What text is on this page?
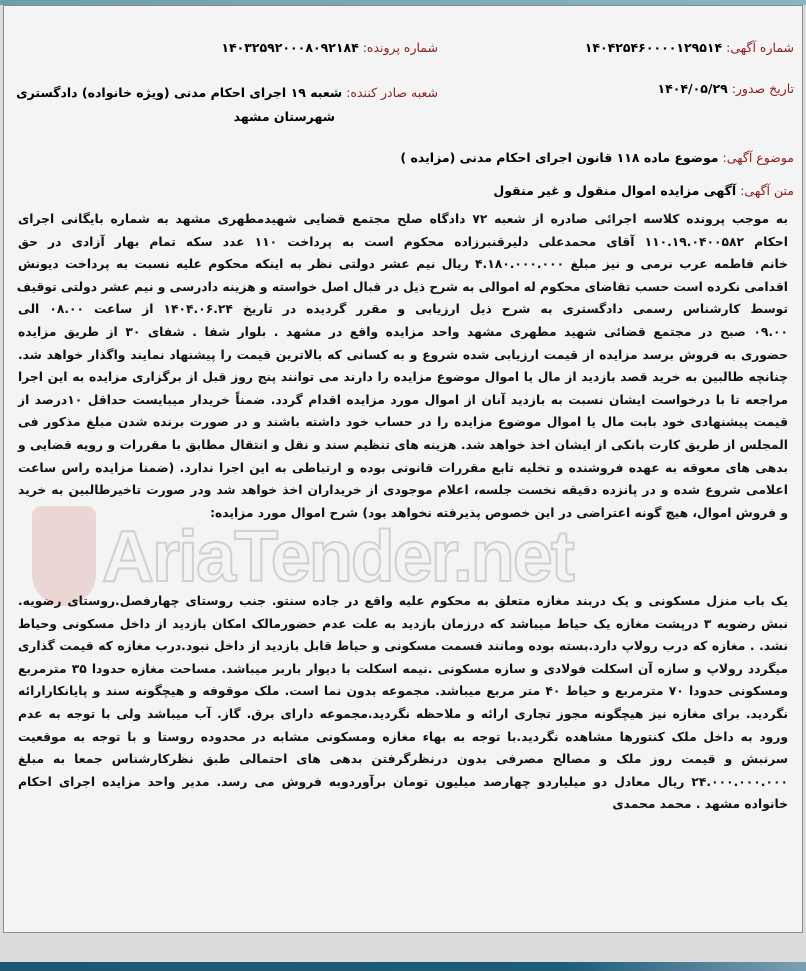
AriaTender.net
شماره آگهی: ۱۴۰۴۲۵۴۶۰۰۰۰۱۲۹۵۱۴
شماره پرونده: ۱۴۰۳۲۵۹۲۰۰۰۸۰۹۲۱۸۴
تاریخ صدور: ۱۴۰۴/۰۵/۲۹
شعبه صادر کننده: شعبه ۱۹ اجرای احکام مدنی (ویژه خانواده) دادگستری
شهرستان مشهد
موضوع آگهی: موضوع ماده ۱۱۸ قانون اجرای احکام مدنی (مزایده )
متن آگهی: آگهی مزایده اموال منقول و غیر منقول
به موجب پرونده کلاسه اجرائی صادره از شعبه ۷۲ دادگاه صلح مجتمع قضایی شهیدمطهری مشهد به شماره بایگانی اجرای
احکام ۱۱۰.۱۹.۰۴۰۰۵۸۲ آقای محمدعلی دلیرقنبرزاده محکوم است به پرداخت ۱۱۰ عدد سکه تمام بهار آزادی در حق
خانم فاطمه عرب نرمی و نیز مبلغ ۴.۱۸۰.۰۰۰.۰۰۰ ریال نیم عشر دولتی نظر به اینکه محکوم علیه نسبت به پرداخت دیونش
اقدامی نکرده است حسب تقاضای محکوم له اموالی به شرح ذیل در قبال اصل خواسته و هزینه دادرسی و نیم عشر دولتی توقیف
توسط کارشناس رسمی دادگستری به شرح ذیل ارزیابی و مقرر گردیده در تاریخ ۱۴۰۴.۰۶.۲۴ از ساعت ۰۸.۰۰ الی
۰۹.۰۰ صبح در مجتمع قضائی شهید مطهری مشهد واحد مزایده واقع در مشهد . بلوار شفا . شفای ۳۰ از طریق مزایده
حضوری به فروش برسد مزایده از قیمت ارزیابی شده شروع و به کسانی که بالاترین قیمت را پیشنهاد نمایند واگذار خواهد شد.
چنانچه طالبین به خرید قصد بازدید از مال یا اموال موضوع مزایده را دارند می توانند پنج روز قبل از برگزاری مزایده به این اجرا
مراجعه تا با درخواست ایشان نسبت به بازدید آنان از اموال مورد مزایده اقدام گردد. ضمناً خریدار میبایست حداقل ۱۰درصد از
قیمت پیشنهادی خود بابت مال یا اموال موضوع مزایده را در حساب خود داشته باشند و در صورت برنده شدن مبلغ مذکور فی
المجلس از طریق کارت بانکی از ایشان اخذ خواهد شد. هزینه های تنظیم سند و نقل و انتقال مطابق با مقررات و رویه قضایی و
بدهی های معوقه به عهده فروشنده و تخلیه تابع مقررات قانونی بوده و ارتباطی به این اجرا ندارد. (ضمنا مزایده راس ساعت
اعلامی شروع شده و در پانزده دقیقه نخست جلسه، اعلام موجودی از خریداران اخذ خواهد شد ودر صورت تاخیرطالبین به خرید
و فروش اموال، هیچ گونه اعتراضی در این خصوص پذیرفته نخواهد بود) شرح اموال مورد مزایده:
یک باب منزل مسکونی و یک دربند مغازه متعلق به محکوم علیه واقع در جاده سنتو. جنب روستای چهارفصل.روستای رضویه.
نبش رضویه ۳ درپشت مغازه یک حیاط میباشد که درزمان بازدید به علت عدم حضورمالک امکان بازدید از داخل مسکونی وحیاط
نشد. . مغازه که درب رولاپ دارد.بسته بوده ومانند قسمت مسکونی و حیاط قابل بازدید از داخل نبود.درب مغازه که قیمت گذاری
میگردد رولاپ و سازه آن اسکلت فولادی و سازه مسکونی .نیمه اسکلت با دیوار باربر میباشد. مساحت مغازه حدودا ۳۵ مترمربع
ومسکونی حدودا ۷۰ مترمربع و حیاط ۴۰ متر مربع میباشد. مجموعه بدون نما است. ملک موقوفه و هیچگونه سند و پایانکارارائه
نگردید. برای مغازه نیز هیچگونه مجوز تجاری ارائه و ملاحظه نگردید.مجموعه دارای برق. گاز. آب میباشد ولی با توجه به عدم
ورود به داخل ملک کنتورها مشاهده نگردید.با توجه به بهاء مغازه ومسکونی مشابه در محدوده روستا و با توجه به موقعیت
سرنبش و قیمت روز ملک و مصالح مصرفی بدون درنظرگرفتن بدهی های احتمالی طبق نظرکارشناس جمعا به مبلغ
۲۴.۰۰۰.۰۰۰.۰۰۰ ریال معادل دو میلیاردو چهارصد میلیون تومان برآوردوبه فروش می رسد. مدیر واحد مزایده اجرای احکام
خانواده مشهد . محمد محمدی
